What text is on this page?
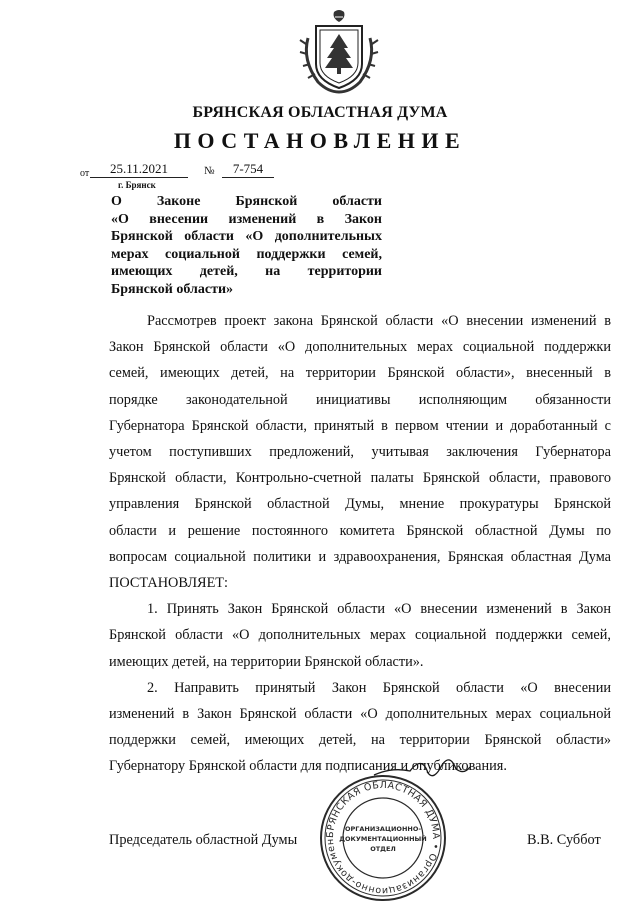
БРЯНСКАЯ ОБЛАСТНАЯ ДУМА
ПОСТАНОВЛЕНИЕ
от	25.11.2021	№	7-754
г. Брянск
О Законе Брянской области
«О внесении изменений в Закон
Брянской области «О дополнительных
мерах социальной поддержки семей,
имеющих детей, на территории
Брянской области»
Рассмотрев проект закона Брянской области «О внесении изменений в
Закон Брянской области «О дополнительных мерах социальной поддержки
семей, имеющих детей, на территории Брянской области», внесенный в
порядке законодательной инициативы исполняющим обязанности
Губернатора Брянской области, принятый в первом чтении и доработанный с
учетом поступивших предложений, учитывая заключения Губернатора
Брянской области, Контрольно-счетной палаты Брянской области, правового
управления Брянской областной Думы, мнение прокуратуры Брянской
области и решение постоянного комитета Брянской областной Думы по
вопросам социальной политики и здравоохранения, Брянская областная Дума
ПОСТАНОВЛЯЕТ:
1. Принять Закон Брянской области «О внесении изменений в Закон
Брянской области «О дополнительных мерах социальной поддержки семей,
имеющих детей, на территории Брянской области».
2. Направить принятый Закон Брянской области «О внесении
изменений в Закон Брянской области «О дополнительных мерах социальной
поддержки семей, имеющих детей, на территории Брянской области»
Губернатору Брянской области для подписания и опубликования.
Председатель областной Думы	В.В. Суббот
БРЯНСКАЯ ОБЛАСТНАЯ ДУМА • Организационно-докумен
ОРГАНИЗАЦИОННО-
ДОКУМЕНТАЦИОННЫЙ
ОТДЕЛ
